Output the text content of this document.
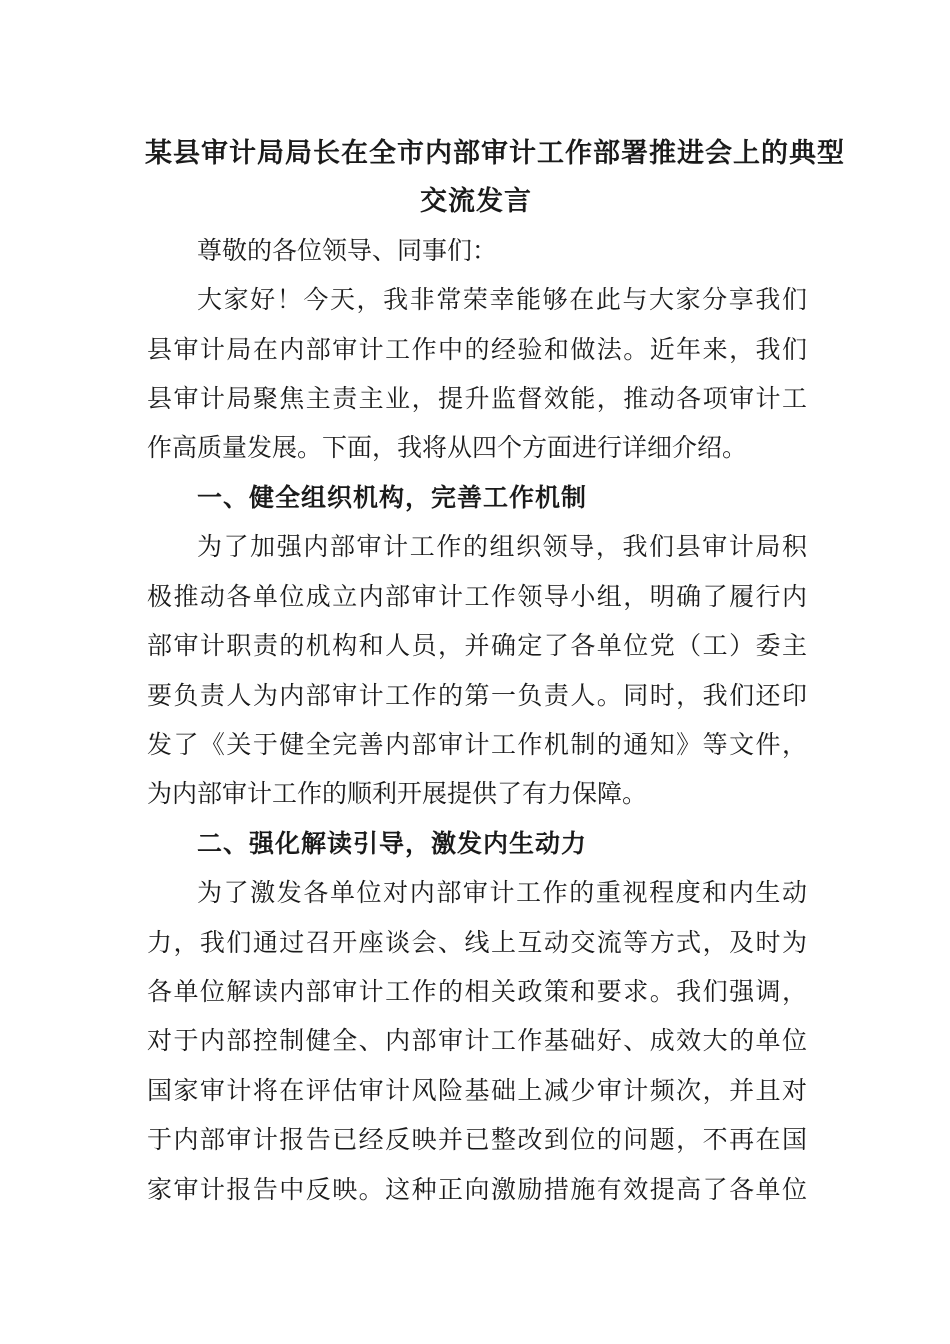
某县审计局局长在全市内部审计工作部署推进会上的典型
交流发言
尊敬的各位领导、同事们：
大家好！今天，我非常荣幸能够在此与大家分享我们
县审计局在内部审计工作中的经验和做法。近年来，我们
县审计局聚焦主责主业，提升监督效能，推动各项审计工
作高质量发展。下面，我将从四个方面进行详细介绍。
一、健全组织机构，完善工作机制
为了加强内部审计工作的组织领导，我们县审计局积
极推动各单位成立内部审计工作领导小组，明确了履行内
部审计职责的机构和人员，并确定了各单位党（工）委主
要负责人为内部审计工作的第一负责人。同时，我们还印
发了《关于健全完善内部审计工作机制的通知》等文件，
为内部审计工作的顺利开展提供了有力保障。
二、强化解读引导，激发内生动力
为了激发各单位对内部审计工作的重视程度和内生动
力，我们通过召开座谈会、线上互动交流等方式，及时为
各单位解读内部审计工作的相关政策和要求。我们强调，
对于内部控制健全、内部审计工作基础好、成效大的单位
国家审计将在评估审计风险基础上减少审计频次，并且对
于内部审计报告已经反映并已整改到位的问题，不再在国
家审计报告中反映。这种正向激励措施有效提高了各单位
